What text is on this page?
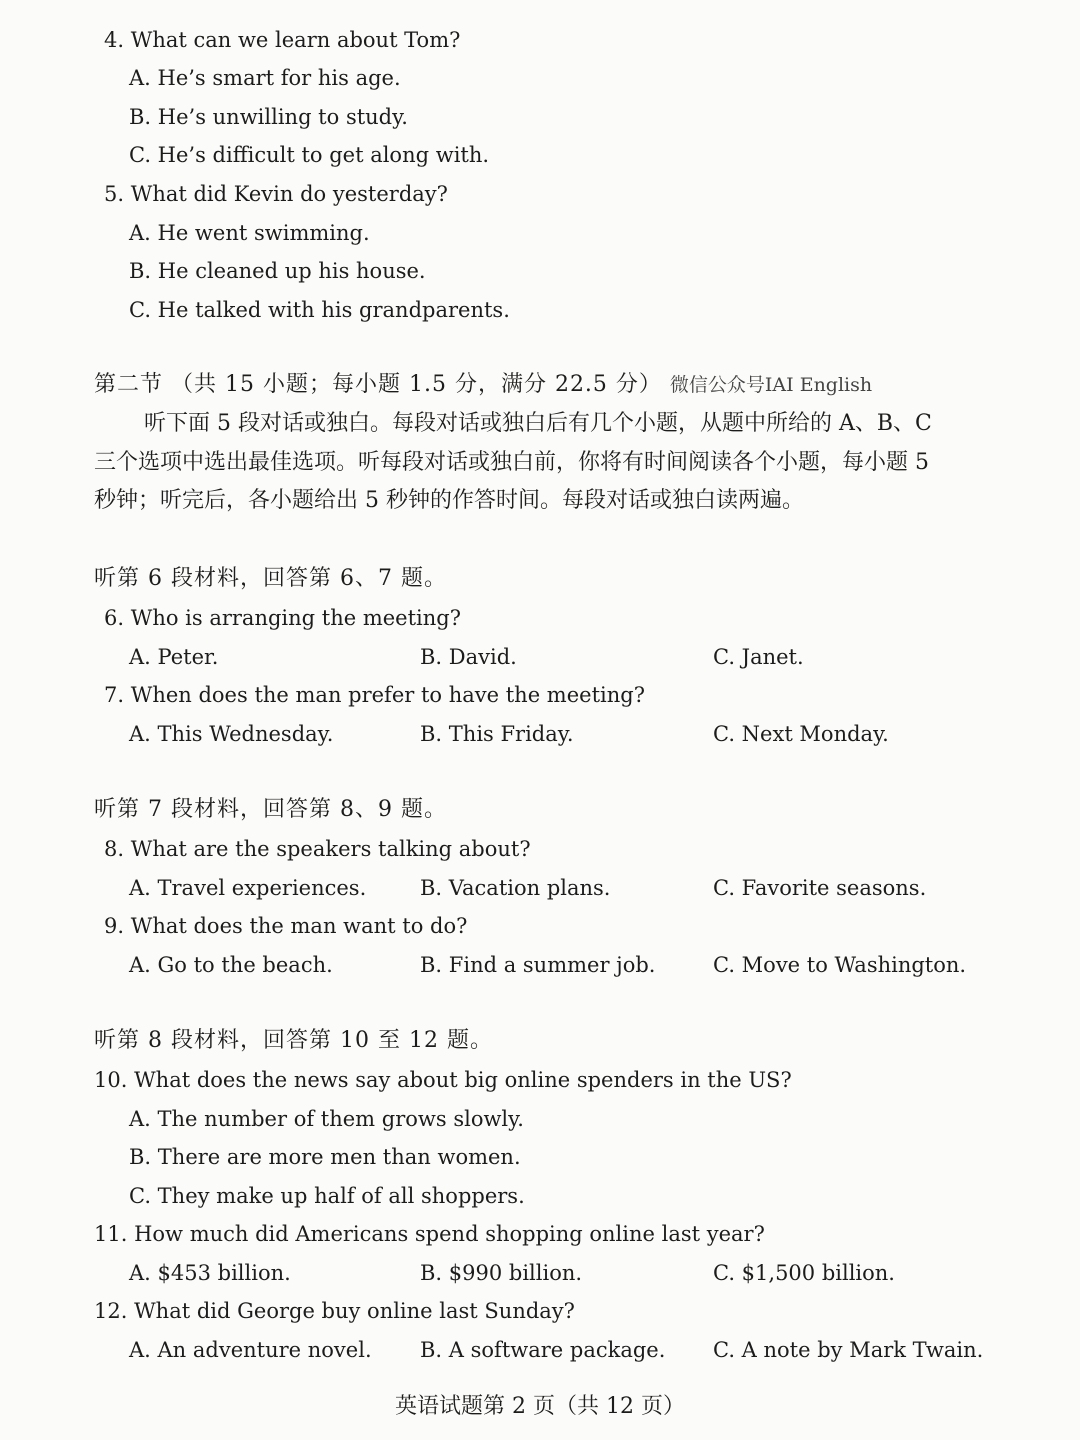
4. What can we learn about Tom?
A. He’s smart for his age.
B. He’s unwilling to study.
C. He’s difficult to get along with.
5. What did Kevin do yesterday?
A. He went swimming.
B. He cleaned up his house.
C. He talked with his grandparents.
第二节 （共 15 小题；每小题 1.5 分，满分 22.5 分） 微信公众号IAI English
听下面 5 段对话或独白。每段对话或独白后有几个小题，从题中所给的 A、B、C
三个选项中选出最佳选项。听每段对话或独白前，你将有时间阅读各个小题，每小题 5
秒钟；听完后，各小题给出 5 秒钟的作答时间。每段对话或独白读两遍。
听第 6 段材料，回答第 6、7 题。
6. Who is arranging the meeting?
A. Peter.	B. David.	C. Janet.
7. When does the man prefer to have the meeting?
A. This Wednesday.	B. This Friday.	C. Next Monday.
听第 7 段材料，回答第 8、9 题。
8. What are the speakers talking about?
A. Travel experiences.	B. Vacation plans.	C. Favorite seasons.
9. What does the man want to do?
A. Go to the beach.	B. Find a summer job.	C. Move to Washington.
听第 8 段材料，回答第 10 至 12 题。
10. What does the news say about big online spenders in the US?
A. The number of them grows slowly.
B. There are more men than women.
C. They make up half of all shoppers.
11. How much did Americans spend shopping online last year?
A. $453 billion.	B. $990 billion.	C. $1,500 billion.
12. What did George buy online last Sunday?
A. An adventure novel. B. A software package. C. A note by Mark Twain.
英语试题第 2 页（共 12 页）
